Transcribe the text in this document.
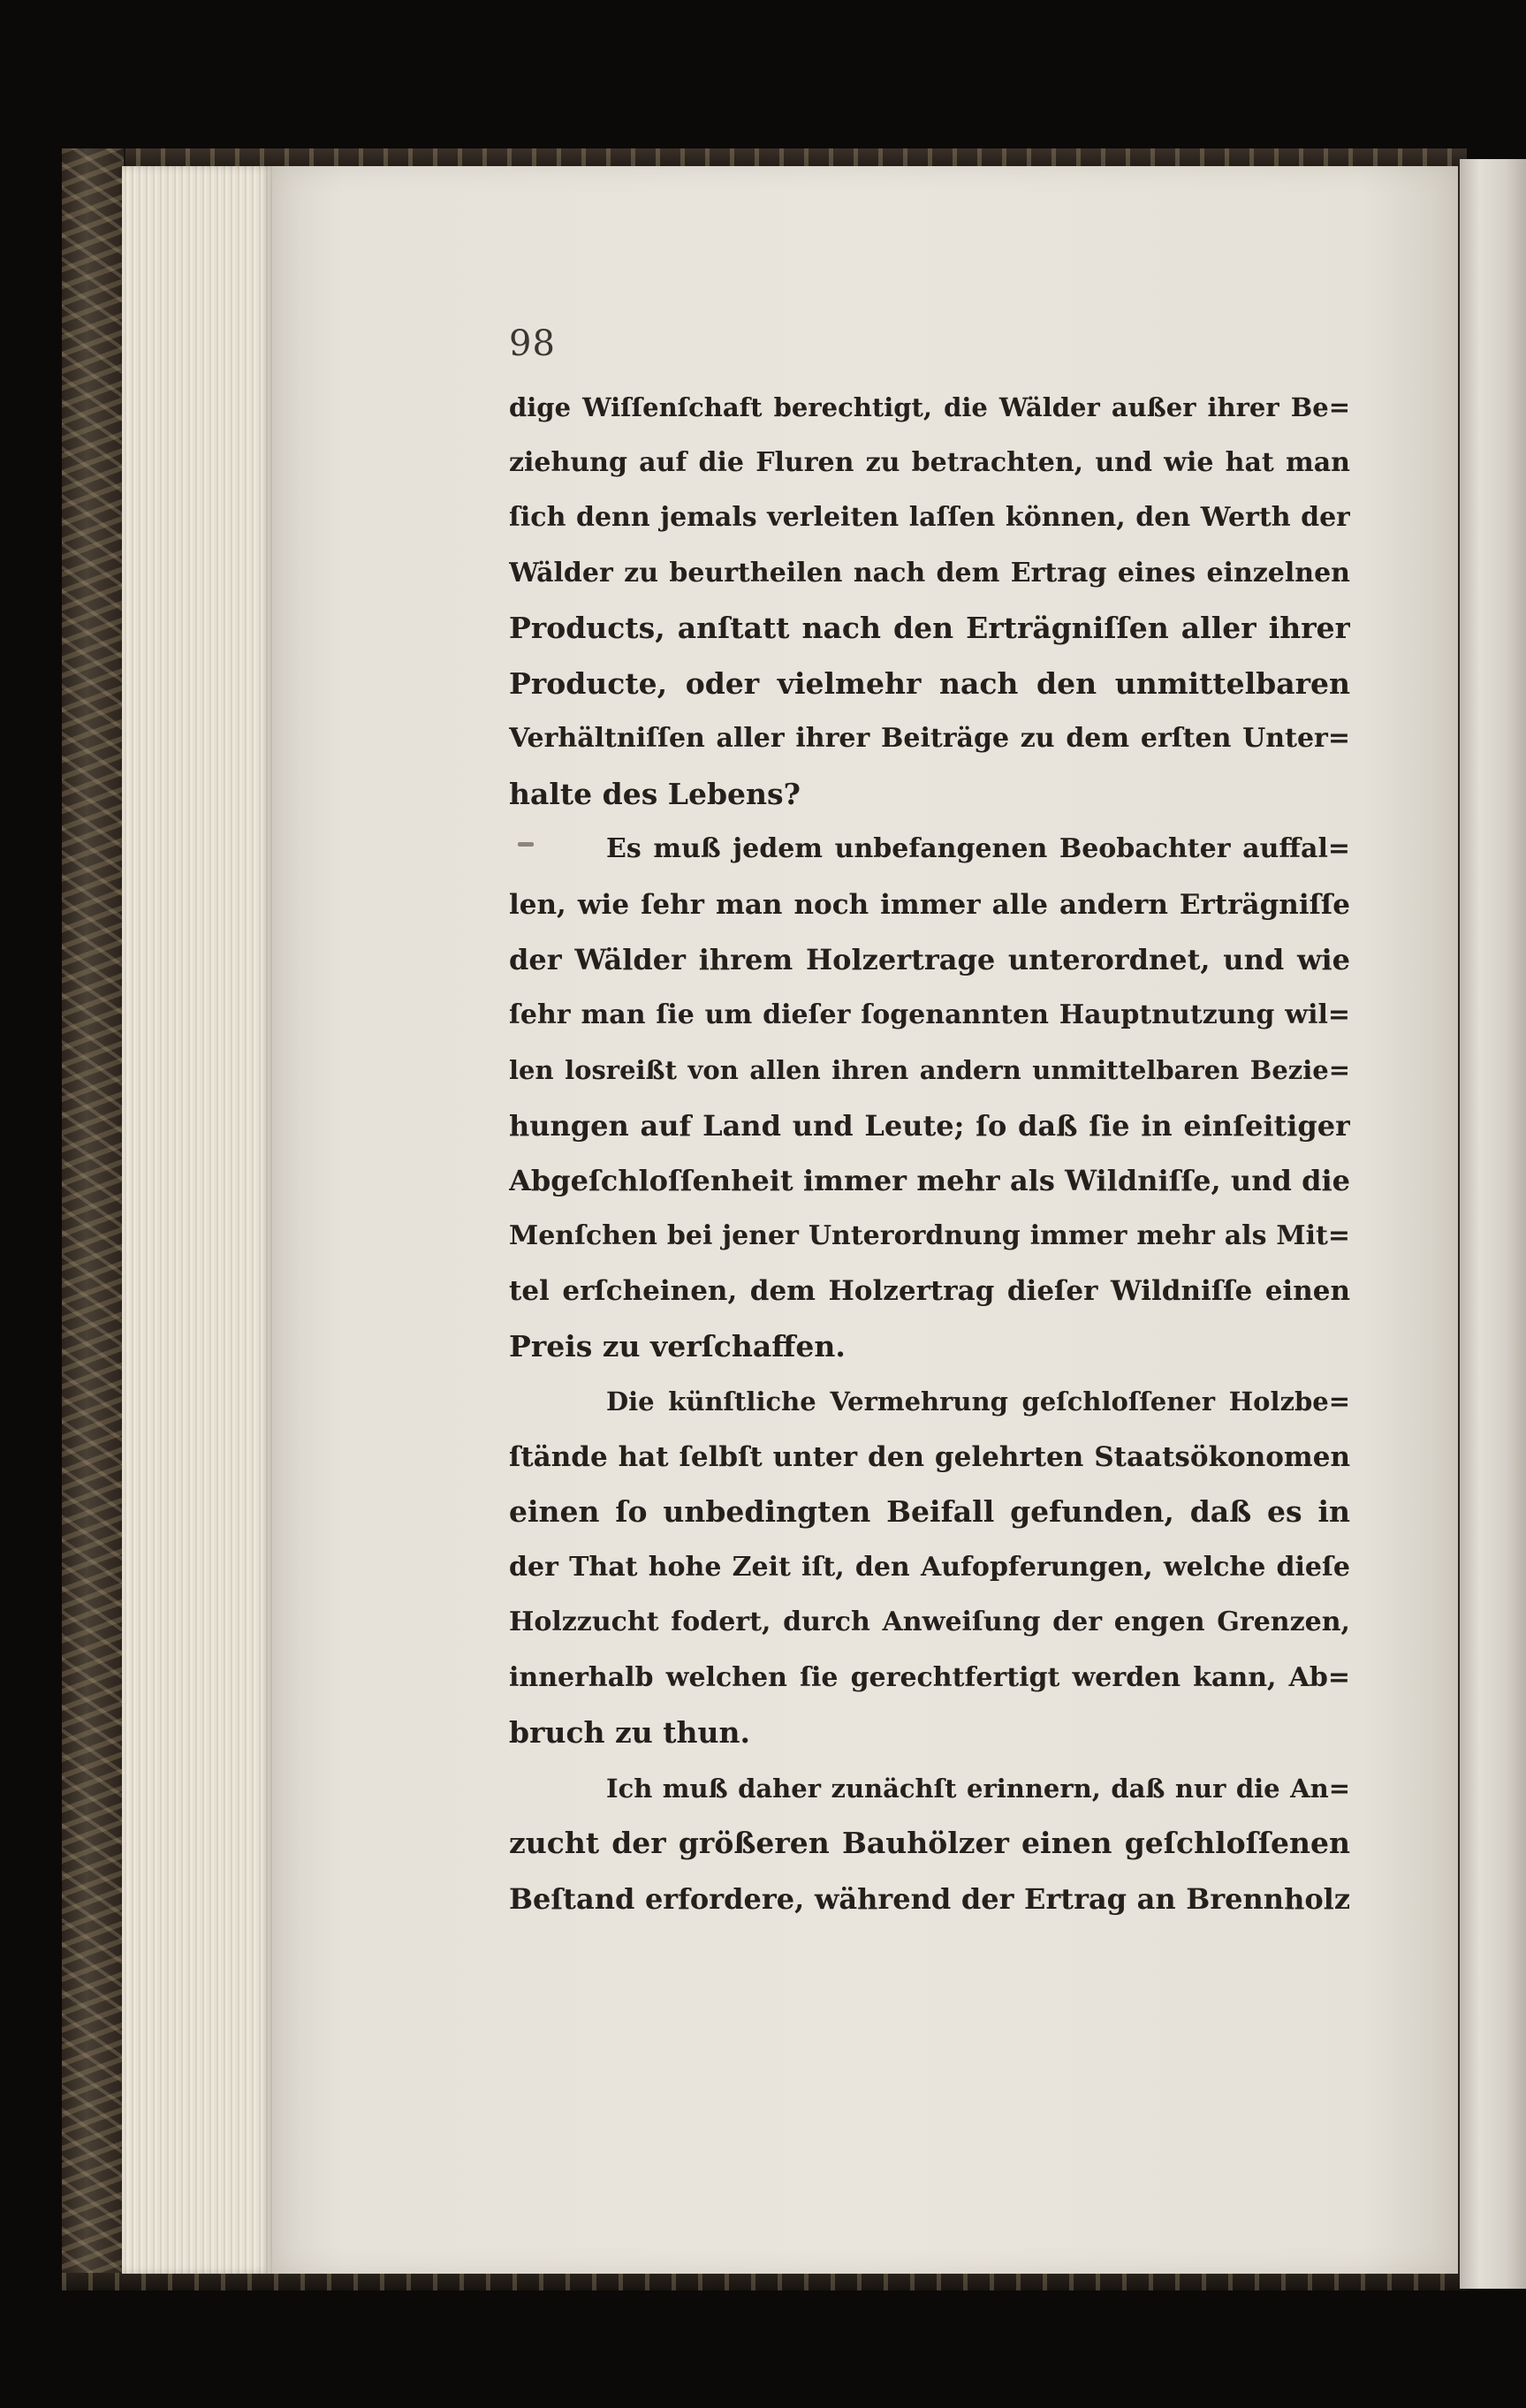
98
dige Wiſſenſchaft berechtigt, die Wälder außer ihrer Be=
ziehung auf die Fluren zu betrachten, und wie hat man
ſich denn jemals verleiten laſſen können, den Werth der
Wälder zu beurtheilen nach dem Ertrag eines einzelnen
Products, anſtatt nach den Erträgniſſen aller ihrer
Producte, oder vielmehr nach den unmittelbaren
Verhältniſſen aller ihrer Beiträge zu dem erſten Unter=
halte des Lebens?
Es muß jedem unbefangenen Beobachter auffal=
len, wie ſehr man noch immer alle andern Erträgniſſe
der Wälder ihrem Holzertrage unterordnet, und wie
ſehr man ſie um dieſer ſogenannten Hauptnutzung wil=
len losreißt von allen ihren andern unmittelbaren Bezie=
hungen auf Land und Leute; ſo daß ſie in einſeitiger
Abgeſchloſſenheit immer mehr als Wildniſſe, und die
Menſchen bei jener Unterordnung immer mehr als Mit=
tel erſcheinen, dem Holzertrag dieſer Wildniſſe einen
Preis zu verſchaffen.
Die künſtliche Vermehrung geſchloſſener Holzbe=
ſtände hat ſelbſt unter den gelehrten Staatsökonomen
einen ſo unbedingten Beifall gefunden, daß es in
der That hohe Zeit iſt, den Aufopferungen, welche dieſe
Holzzucht fodert, durch Anweiſung der engen Grenzen,
innerhalb welchen ſie gerechtfertigt werden kann, Ab=
bruch zu thun.
Ich muß daher zunächſt erinnern, daß nur die An=
zucht der größeren Bauhölzer einen geſchloſſenen
Beſtand erfordere, während der Ertrag an Brennholz
